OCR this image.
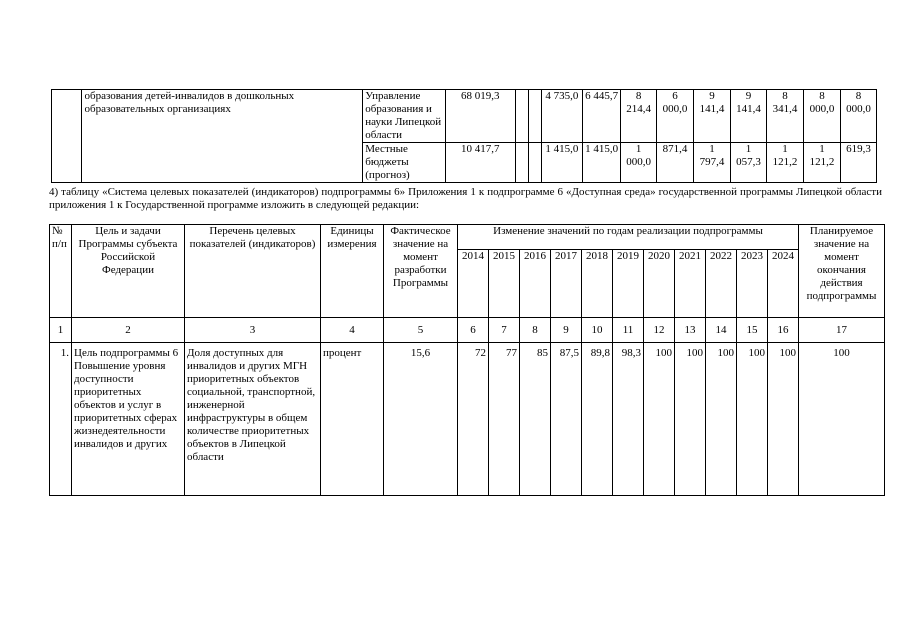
	образования детей-инвалидов в дошкольных образовательных организациях	Управление образования и науки Липецкой области	68 019,3			4 735,0	6 445,7	8 214,4	6 000,0	9 141,4	9 141,4	8 341,4	8 000,0	8 000,0
		Местные бюджеты (прогноз)	10 417,7			1 415,0	1 415,0	1 000,0	871,4	1 797,4	1 057,3	1 121,2	1 121,2	619,3
4) таблицу «Система целевых показателей (индикаторов) подпрограммы 6» Приложения 1 к подпрограмме 6 «Доступная среда» государственной программы Липецкой области приложения 1 к Государственной программе изложить в следующей редакции:
№ п/п	Цель и задачи Программы субъекта Российской Федерации	Перечень целевых показателей (индикаторов)	Единицы измерения	Фактическое значение на момент разработки Программы	Изменение значений по годам реализации подпрограммы											Планируемое значение на момент окончания действия подпрограммы
					2014	2015	2016	2017	2018	2019	2020	2021	2022	2023	2024	
1	2	3	4	5	6	7	8	9	10	11	12	13	14	15	16	17
1.	Цель подпрограммы 6 Повышение уровня доступности приоритетных объектов и услуг в приоритетных сферах жизнедеятельности инвалидов и других	Доля доступных для инвалидов и других МГН приоритетных объектов социальной, транспортной, инженерной инфраструктуры в общем количестве приоритетных объектов в Липецкой области	процент	15,6	72	77	85	87,5	89,8	98,3	100	100	100	100	100	100
